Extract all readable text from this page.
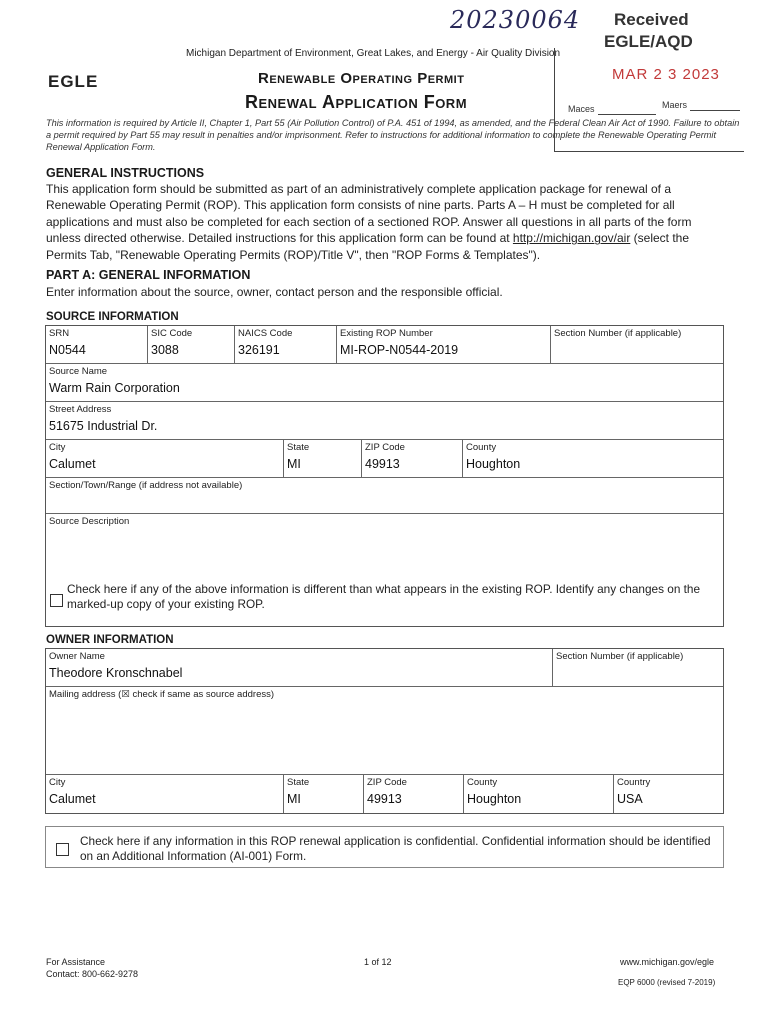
20230064 Received
EGLE/AQD
MAR 2 3 2023
Maces	Maers
Michigan Department of Environment, Great Lakes, and Energy - Air Quality Division
EGLE	Renewable Operating Permit
Renewal Application Form
This information is required by Article II, Chapter 1, Part 55 (Air Pollution Control) of P.A. 451 of 1994, as amended, and the Federal Clean Air Act of 1990. Failure to obtain a permit required by Part 55 may result in penalties and/or imprisonment. Refer to instructions for additional information to complete the Renewable Operating Permit Renewal Application Form.
GENERAL INSTRUCTIONS
This application form should be submitted as part of an administratively complete application package for renewal of a Renewable Operating Permit (ROP). This application form consists of nine parts. Parts A – H must be completed for all applications and must also be completed for each section of a sectioned ROP. Answer all questions in all parts of the form unless directed otherwise. Detailed instructions for this application form can be found at http://michigan.gov/air (select the Permits Tab, "Renewable Operating Permits (ROP)/Title V", then "ROP Forms & Templates").
PART A: GENERAL INFORMATION
Enter information about the source, owner, contact person and the responsible official.
SOURCE INFORMATION
SRN
N0544
SIC Code
3088
NAICS Code
326191
Existing ROP Number
MI-ROP-N0544-2019
Section Number (if applicable)
Source Name
Warm Rain Corporation
Street Address
51675 Industrial Dr.
City
Calumet
State
MI
ZIP Code
49913
County
Houghton
Section/Town/Range (if address not available)
Source Description
Check here if any of the above information is different than what appears in the existing ROP. Identify any changes on the marked-up copy of your existing ROP.
OWNER INFORMATION
Owner Name
Theodore Kronschnabel
Section Number (if applicable)
Mailing address (☒ check if same as source address)
City
Calumet
State
MI
ZIP Code
49913
County
Houghton
Country
USA
Check here if any information in this ROP renewal application is confidential. Confidential information should be identified on an Additional Information (AI-001) Form.
For Assistance
Contact: 800-662-9278
1 of 12	www.michigan.gov/egle
EQP 6000 (revised 7-2019)
